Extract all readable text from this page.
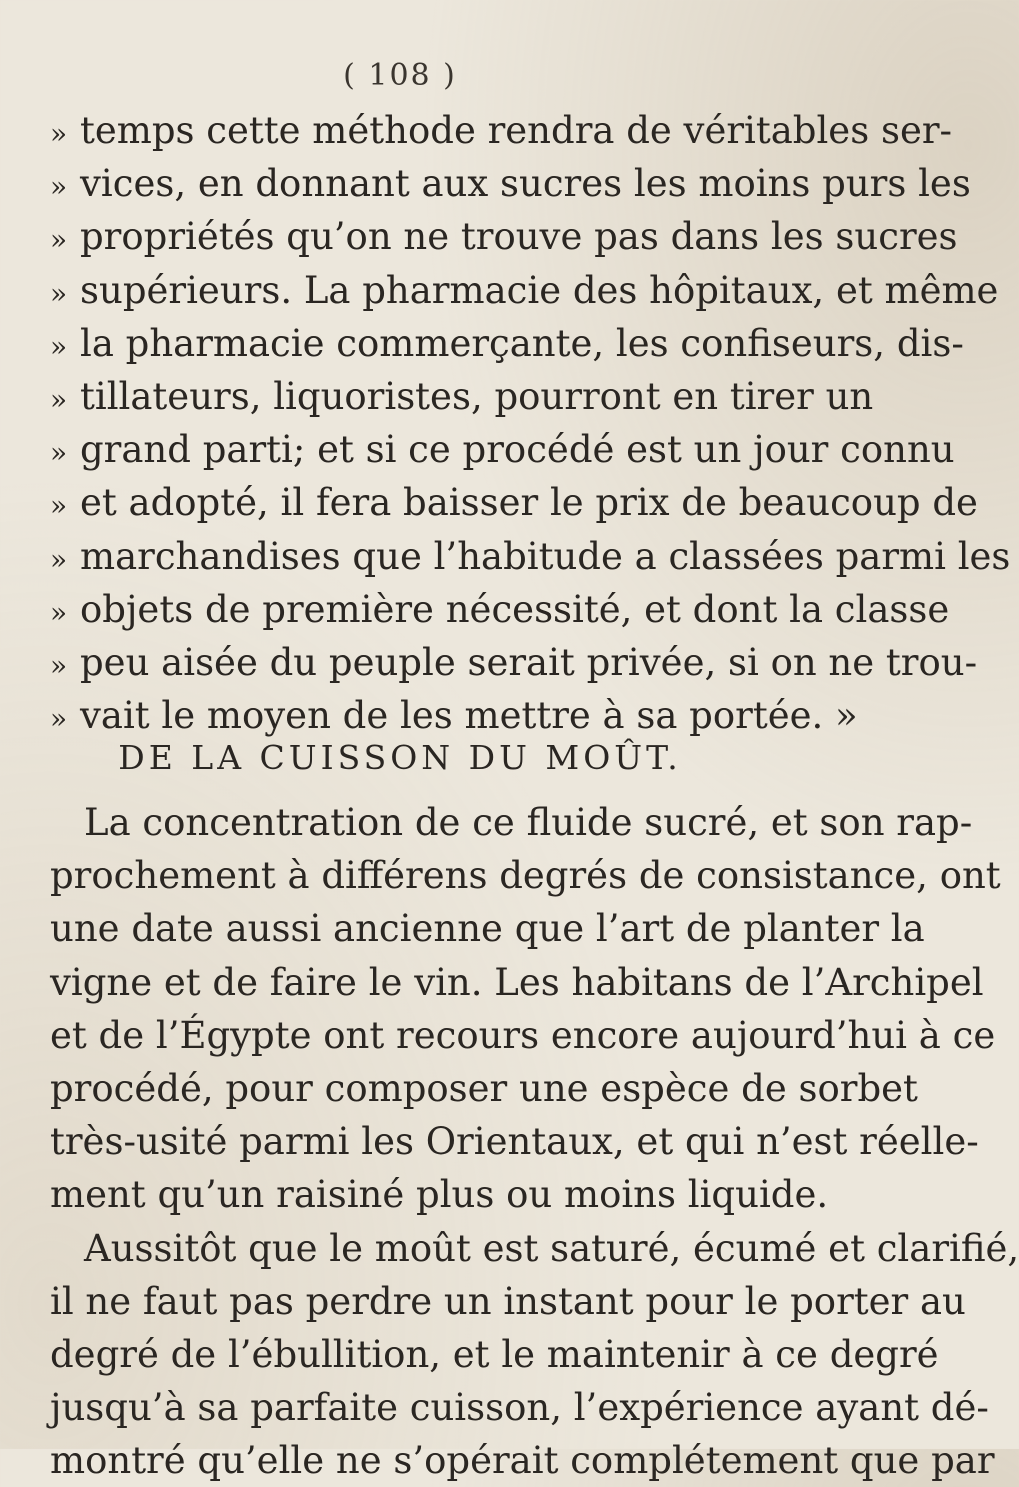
( 108 )
» temps cette méthode rendra de véritables ser-
» vices, en donnant aux sucres les moins purs les
» propriétés qu’on ne trouve pas dans les sucres
» supérieurs. La pharmacie des hôpitaux, et même
» la pharmacie commerçante, les confiseurs, dis-
» tillateurs, liquoristes, pourront en tirer un
» grand parti; et si ce procédé est un jour connu
» et adopté, il fera baisser le prix de beaucoup de
» marchandises que l’habitude a classées parmi les
» objets de première nécessité, et dont la classe
» peu aisée du peuple serait privée, si on ne trou-
» vait le moyen de les mettre à sa portée. »
DE LA CUISSON DU MOÛT.
La concentration de ce fluide sucré, et son rap-
prochement à différens degrés de consistance, ont
une date aussi ancienne que l’art de planter la
vigne et de faire le vin. Les habitans de l’Archipel
et de l’Égypte ont recours encore aujourd’hui à ce
procédé, pour composer une espèce de sorbet
très-usité parmi les Orientaux, et qui n’est réelle-
ment qu’un raisiné plus ou moins liquide.
Aussitôt que le moût est saturé, écumé et clarifié,
il ne faut pas perdre un instant pour le porter au
degré de l’ébullition, et le maintenir à ce degré
jusqu’à sa parfaite cuisson, l’expérience ayant dé-
montré qu’elle ne s’opérait complétement que par
